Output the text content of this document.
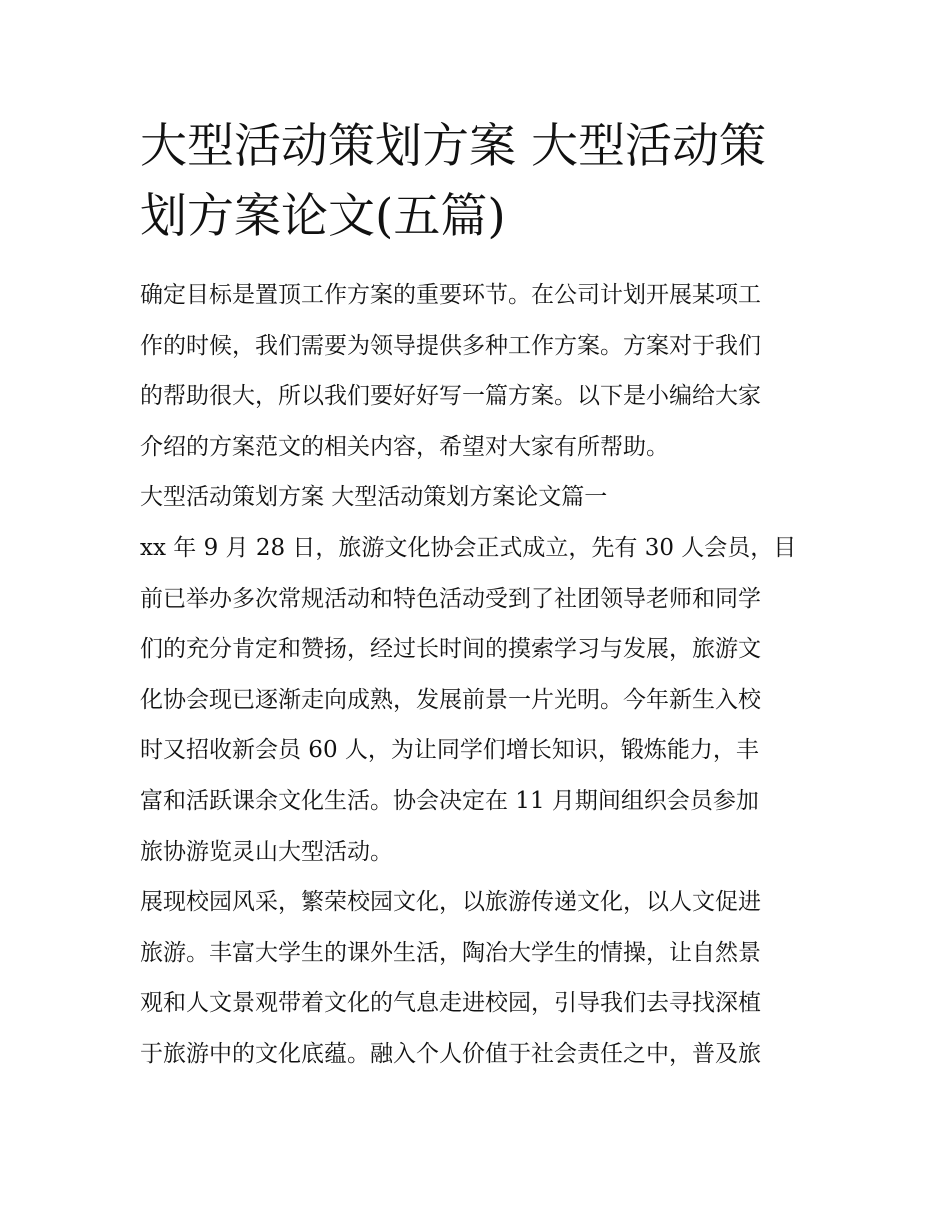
大型活动策划方案 大型活动策
划方案论文(五篇)
确定目标是置顶工作方案的重要环节。在公司计划开展某项工
作的时候，我们需要为领导提供多种工作方案。方案对于我们
的帮助很大，所以我们要好好写一篇方案。以下是小编给大家
介绍的方案范文的相关内容，希望对大家有所帮助。
大型活动策划方案 大型活动策划方案论文篇一
xx 年 9 月 28 日，旅游文化协会正式成立，先有 30 人会员，目
前已举办多次常规活动和特色活动受到了社团领导老师和同学
们的充分肯定和赞扬，经过长时间的摸索学习与发展，旅游文
化协会现已逐渐走向成熟，发展前景一片光明。今年新生入校
时又招收新会员 60 人，为让同学们增长知识，锻炼能力，丰
富和活跃课余文化生活。协会决定在 11 月期间组织会员参加
旅协游览灵山大型活动。
展现校园风采，繁荣校园文化，以旅游传递文化，以人文促进
旅游。丰富大学生的课外生活，陶冶大学生的情操，让自然景
观和人文景观带着文化的气息走进校园，引导我们去寻找深植
于旅游中的文化底蕴。融入个人价值于社会责任之中，普及旅
